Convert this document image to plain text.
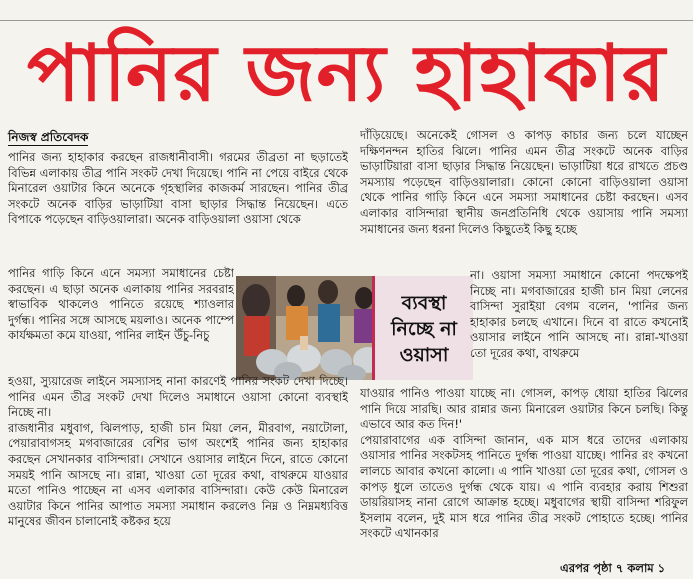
পানির জন্য হাহাকার
নিজস্ব প্রতিবেদক

পানির জন্য হাহাকার করছেন রাজধানীবাসী। গরমের তীব্রতা না ছড়াতেই বিভিন্ন এলাকায় তীব্র পানি সংকট দেখা দিয়েছে। পানি না পেয়ে বাইরে থেকে মিনারেল ওয়াটার কিনে অনেকে গৃহস্থালির কাজকর্ম সারছেন। পানির তীব্র সংকটে অনেক বাড়ির ভাড়াটিয়া বাসা ছাড়ার সিদ্ধান্ত নিয়েছেন। এতে বিপাকে পড়েছেন বাড়িওয়ালারা। অনেক বাড়িওয়ালা ওয়াসা থেকে

পানির গাড়ি কিনে এনে সমস্যা সমাধানের চেষ্টা করছেন। এ ছাড়া অনেক এলাকায় পানির সরবরাহ স্বাভাবিক থাকলেও পানিতে রয়েছে শ্যাওলার দুর্গন্ধ। পানির সঙ্গে আসছে ময়লাও। অনেক পাম্পে কার্যক্ষমতা কমে যাওয়া, পানির লাইন উঁচু-নিচু

ব্যবস্থা
নিচ্ছে না
ওয়াসা

হওয়া, স্যুয়ারেজ লাইনে সমস্যাসহ নানা কারণেই পানির সংকট দেখা দিচ্ছে। পানির এমন তীব্র সংকট দেখা দিলেও সমাধানে ওয়াসা কোনো ব্যবস্থাই নিচ্ছে না।

রাজধানীর মধুবাগ, ঝিলপাড়, হাজী চান মিয়া লেন, মীরবাগ, নয়াটোলা, পেয়ারাবাগসহ মগবাজারের বেশির ভাগ অংশেই পানির জন্য হাহাকার করছেন সেখানকার বাসিন্দারা। সেখানে ওয়াসার লাইনে দিনে, রাতে কোনো সময়ই পানি আসছে না। রান্না, খাওয়া তো দূরের কথা, বাথরুমে যাওয়ার মতো পানিও পাচ্ছেন না এসব এলাকার বাসিন্দারা। কেউ কেউ মিনারেল ওয়াটার কিনে পানির আপাত সমস্যা সমাধান করলেও নিম্ন ও নিম্নমধ্যবিত্ত মানুষের জীবন চালানোই কষ্টকর হয়ে

দাঁড়িয়েছে। অনেকেই গোসল ও কাপড় কাচার জন্য চলে যাচ্ছেন দক্ষিণনন্দন হাতির ঝিলে। পানির এমন তীব্র সংকটে অনেক বাড়ির ভাড়াটিয়ারা বাসা ছাড়ার সিদ্ধান্ত নিয়েছেন। ভাড়াটিয়া ধরে রাখতে প্রচণ্ড সমস্যায় পড়েছেন বাড়িওয়ালারা। কোনো কোনো বাড়িওয়ালা ওয়াসা থেকে পানির গাড়ি কিনে এনে সমস্যা সমাধানের চেষ্টা করছেন। এসব এলাকার বাসিন্দারা স্থানীয় জনপ্রতিনিধি থেকে ওয়াসায় পানি সমস্যা সমাধানের জন্য ধরনা দিলেও কিছুতেই কিছু হচ্ছে

না। ওয়াসা সমস্যা সমাধানে কোনো পদক্ষেপই নিচ্ছে না। মগবাজারের হাজী চান মিয়া লেনের বাসিন্দা সুরাইয়া বেগম বলেন, 'পানির জন্য হাহাকার চলছে এখানে। দিনে বা রাতে কখনোই ওয়াসার লাইনে পানি আসছে না। রান্না-খাওয়া তো দূরের কথা, বাথরুমে

যাওয়ার পানিও পাওয়া যাচ্ছে না। গোসল, কাপড় ধোয়া হাতির ঝিলের পানি দিয়ে সারছি। আর রান্নার জন্য মিনারেল ওয়াটার কিনে চলছি। কিন্তু এভাবে আর কত দিন!'

পেয়ারাবাগের এক বাসিন্দা জানান, এক মাস ধরে তাদের এলাকায় ওয়াসার পানির সংকটসহ পানিতে দুর্গন্ধ পাওয়া যাচ্ছে। পানির রং কখনো লালচে আবার কখনো কালো। এ পানি খাওয়া তো দূরের কথা, গোসল ও কাপড় ধুলে তাতেও দুর্গন্ধ থেকে যায়। এ পানি ব্যবহার করায় শিশুরা ডায়রিয়াসহ নানা রোগে আক্রান্ত হচ্ছে। মধুবাগের স্থায়ী বাসিন্দা শরিফুল ইসলাম বলেন, দুই মাস ধরে পানির তীব্র সংকট পোহাতে হচ্ছে। পানির সংকটে এখানকার

এরপর পৃষ্ঠা ৭ কলাম ১
